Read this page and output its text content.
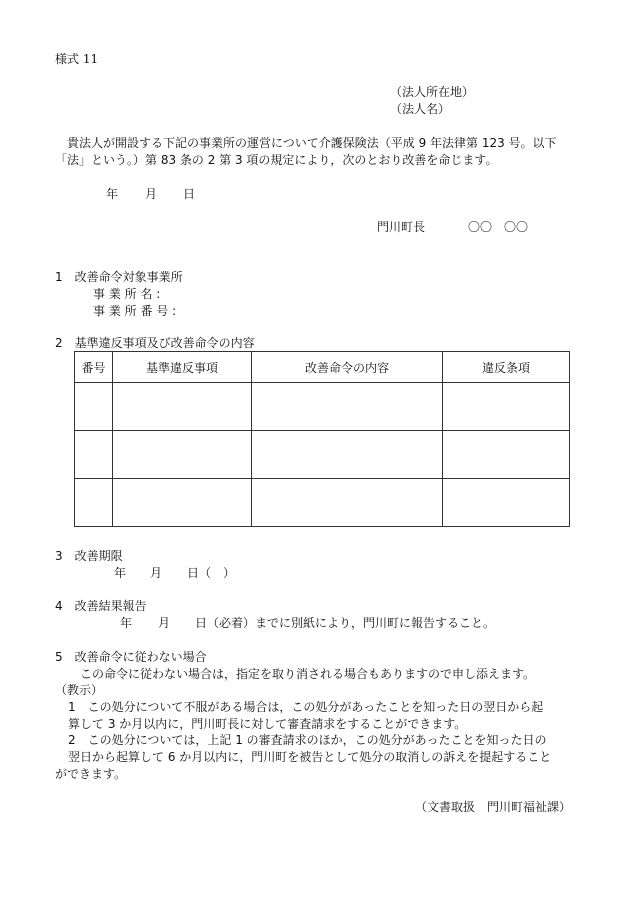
様式 11
（法人所在地）
（法人名）
貴法人が開設する下記の事業所の運営について介護保険法（平成 9 年法律第 123 号。以下
「法」という。）第 83 条の 2 第 3 項の規定により，次のとおり改善を命じます。
年 月 日
門川町長	〇〇　〇〇
1　改善命令対象事業所
事 業 所 名 :
事 業 所 番 号 :
2　基準違反事項及び改善命令の内容
番号	基準違反事項	改善命令の内容	違反条項

3　改善期限
年 月 日（　）
4　改善結果報告
年 月 日（必着）までに別紙により，門川町に報告すること。
5　改善命令に従わない場合
この命令に従わない場合は，指定を取り消される場合もありますので申し添えます。
（教示）
1　この処分について不服がある場合は，この処分があったことを知った日の翌日から起
算して 3 か月以内に，門川町長に対して審査請求をすることができます。
2　この処分については，上記 1 の審査請求のほか，この処分があったことを知った日の
翌日から起算して 6 か月以内に，門川町を被告として処分の取消しの訴えを提起すること
ができます。
（文書取扱　門川町福祉課）
